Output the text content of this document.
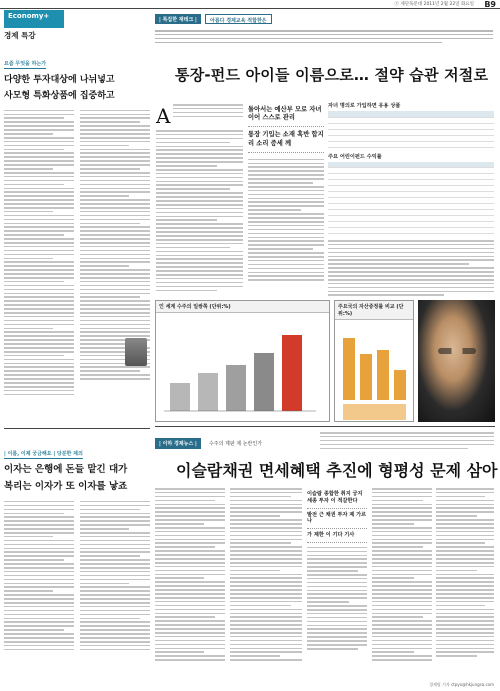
ⓔ 제단독문대 2011년 2월 22일 화요일 B9
Economy+
경제 특강
요즘 무엇을 하는가
다양한 투자대상에 나뉘넣고
사모형 특화상품에 집중하고
| 특집한 재테크 |	아름다 경제교육 적합한은
통장-펀드 아이들 이름으로… 절약 습관 저절로
A	돌아서는 예산부 모로 자녀 이어 스스로 관리
통장 기입는 소재 혹반 합지 리 소리 증세 께
자녀 명의로 가입하면 유용 상품

주요 어린이펀드 수익률

인 세계 수주의 일쌍쪽 (단위:%)	주요국의 자산증정률 비교 (단위:%)
| 이름, 이제 궁금해요 | 당분한 제의
이자는 은행에 돈들 맡긴 대가
복리는 이자가 또 이자를 낳죠
| 이하 경제뉴스 | 수주의 제판 제 논란인가
이슬람채권 면세혜택 추진에 형평성 문제 삼아
이슬람 종합한 취지 궁지 세종 투자 이 적갈한다
발전 근 채권 투자 제 가르나
가 제한 이 기다 기사
경제팀 기자 ctpyo@hkjungsa.com
